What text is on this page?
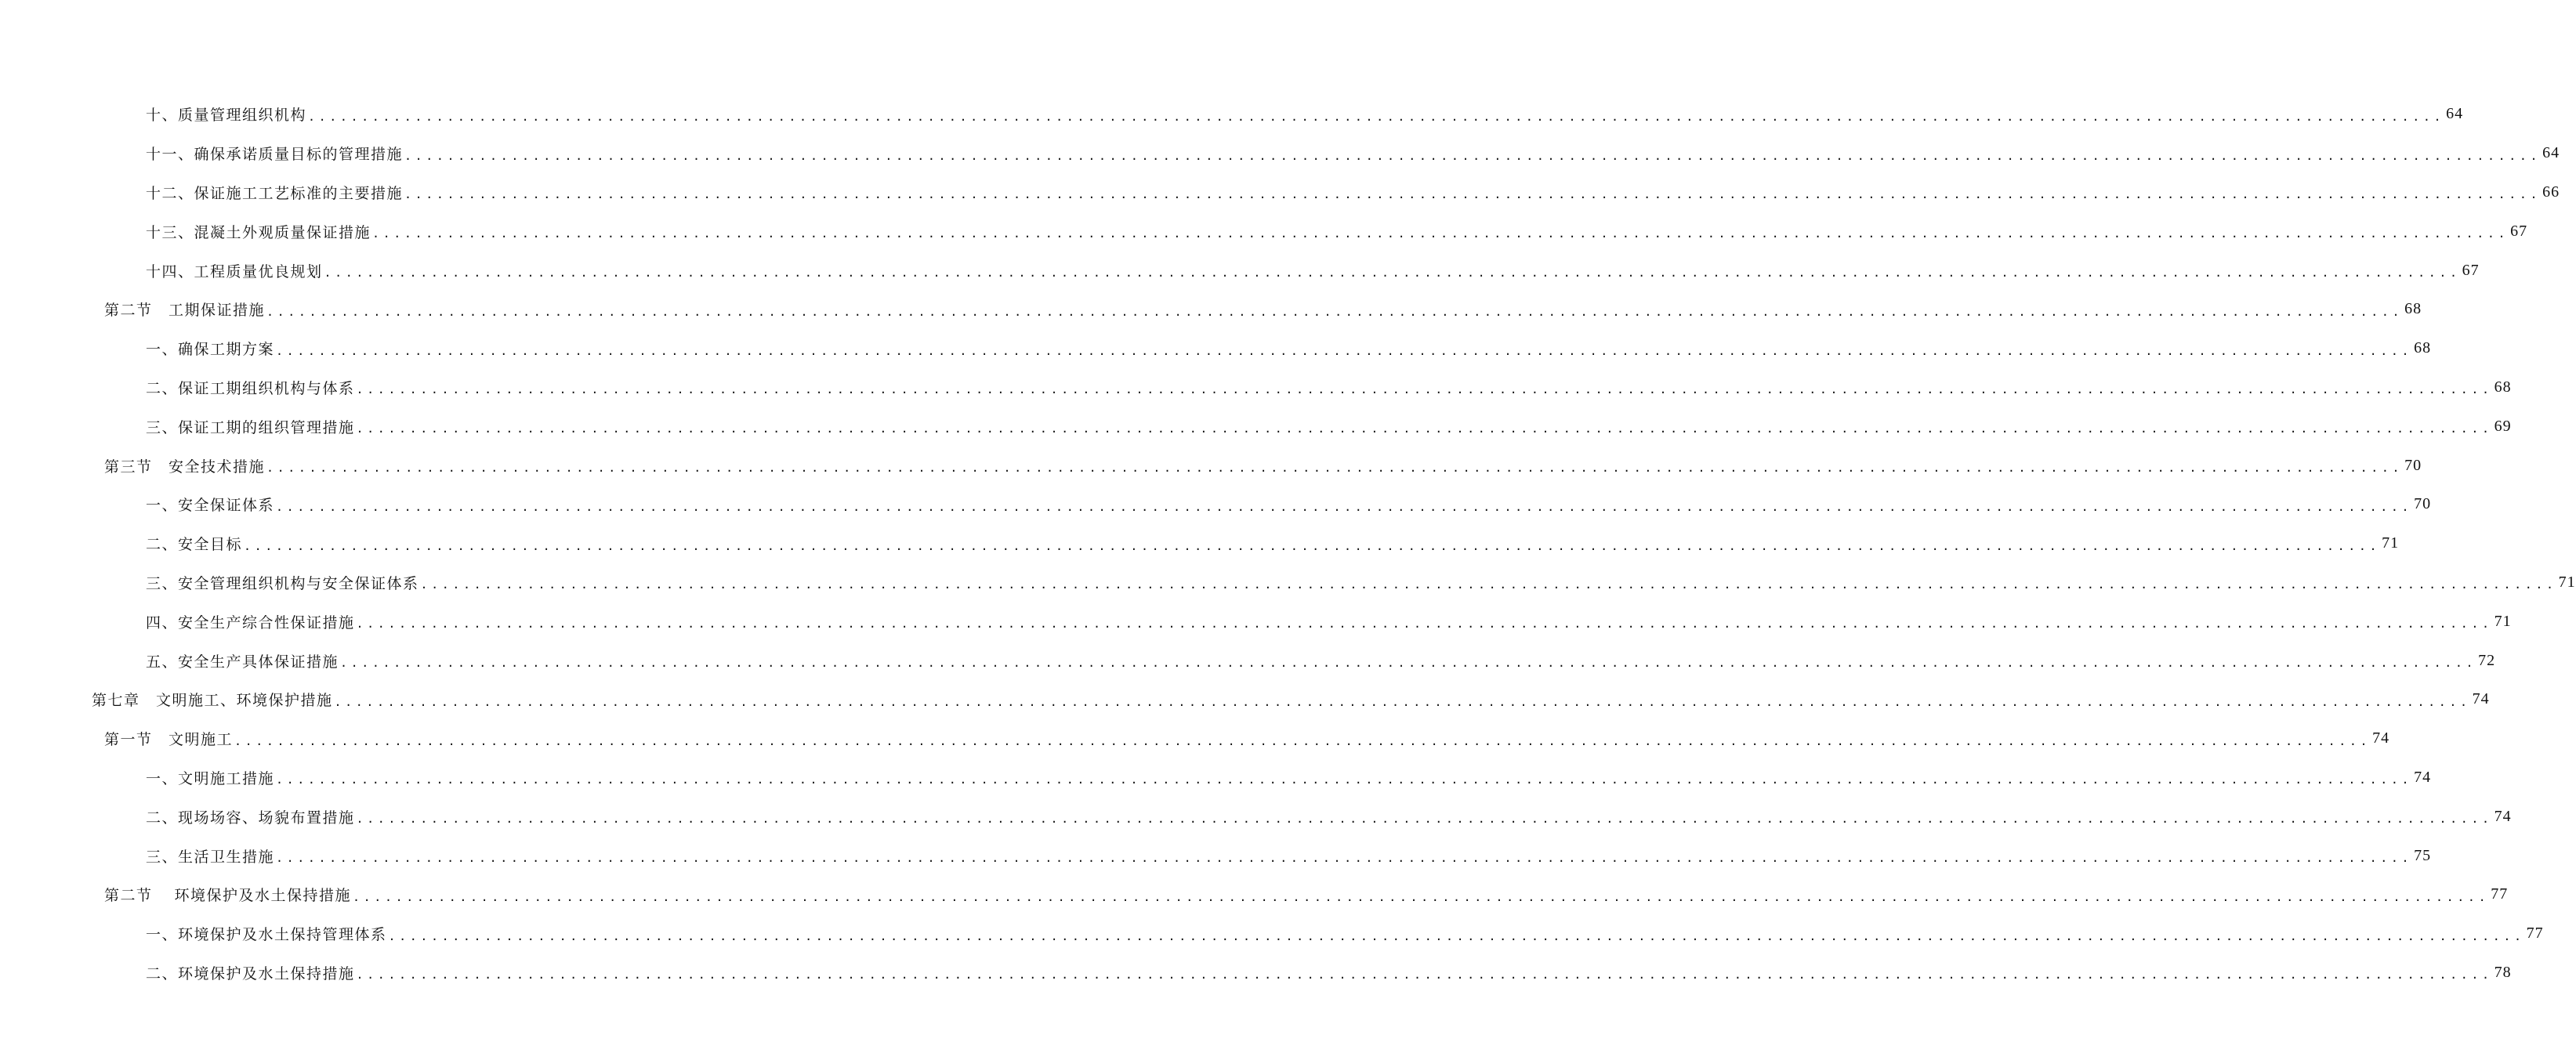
十、质量管理组织机构 ........................................................................................................................................................................................................ 64
十一、确保承诺质量目标的管理措施 ........................................................................................................................................................................................................ 64
十二、保证施工工艺标准的主要措施 ........................................................................................................................................................................................................ 66
十三、混凝土外观质量保证措施 ........................................................................................................................................................................................................ 67
十四、工程质量优良规划 ........................................................................................................................................................................................................ 67
第二节　工期保证措施 ........................................................................................................................................................................................................ 68
一、确保工期方案 ........................................................................................................................................................................................................ 68
二、保证工期组织机构与体系 ........................................................................................................................................................................................................ 68
三、保证工期的组织管理措施 ........................................................................................................................................................................................................ 69
第三节　安全技术措施 ........................................................................................................................................................................................................ 70
一、安全保证体系 ........................................................................................................................................................................................................ 70
二、安全目标 ........................................................................................................................................................................................................ 71
三、安全管理组织机构与安全保证体系 ........................................................................................................................................................................................................ 71
四、安全生产综合性保证措施 ........................................................................................................................................................................................................ 71
五、安全生产具体保证措施 ........................................................................................................................................................................................................ 72
第七章　文明施工、环境保护措施 ........................................................................................................................................................................................................ 74
第一节　文明施工 ........................................................................................................................................................................................................ 74
一、文明施工措施 ........................................................................................................................................................................................................ 74
二、现场场容、场貌布置措施 ........................................................................................................................................................................................................ 74
三、生活卫生措施 ........................................................................................................................................................................................................ 75
第二节　 环境保护及水土保持措施 ........................................................................................................................................................................................................ 77
一、环境保护及水土保持管理体系 ........................................................................................................................................................................................................ 77
二、环境保护及水土保持措施 ........................................................................................................................................................................................................ 78
